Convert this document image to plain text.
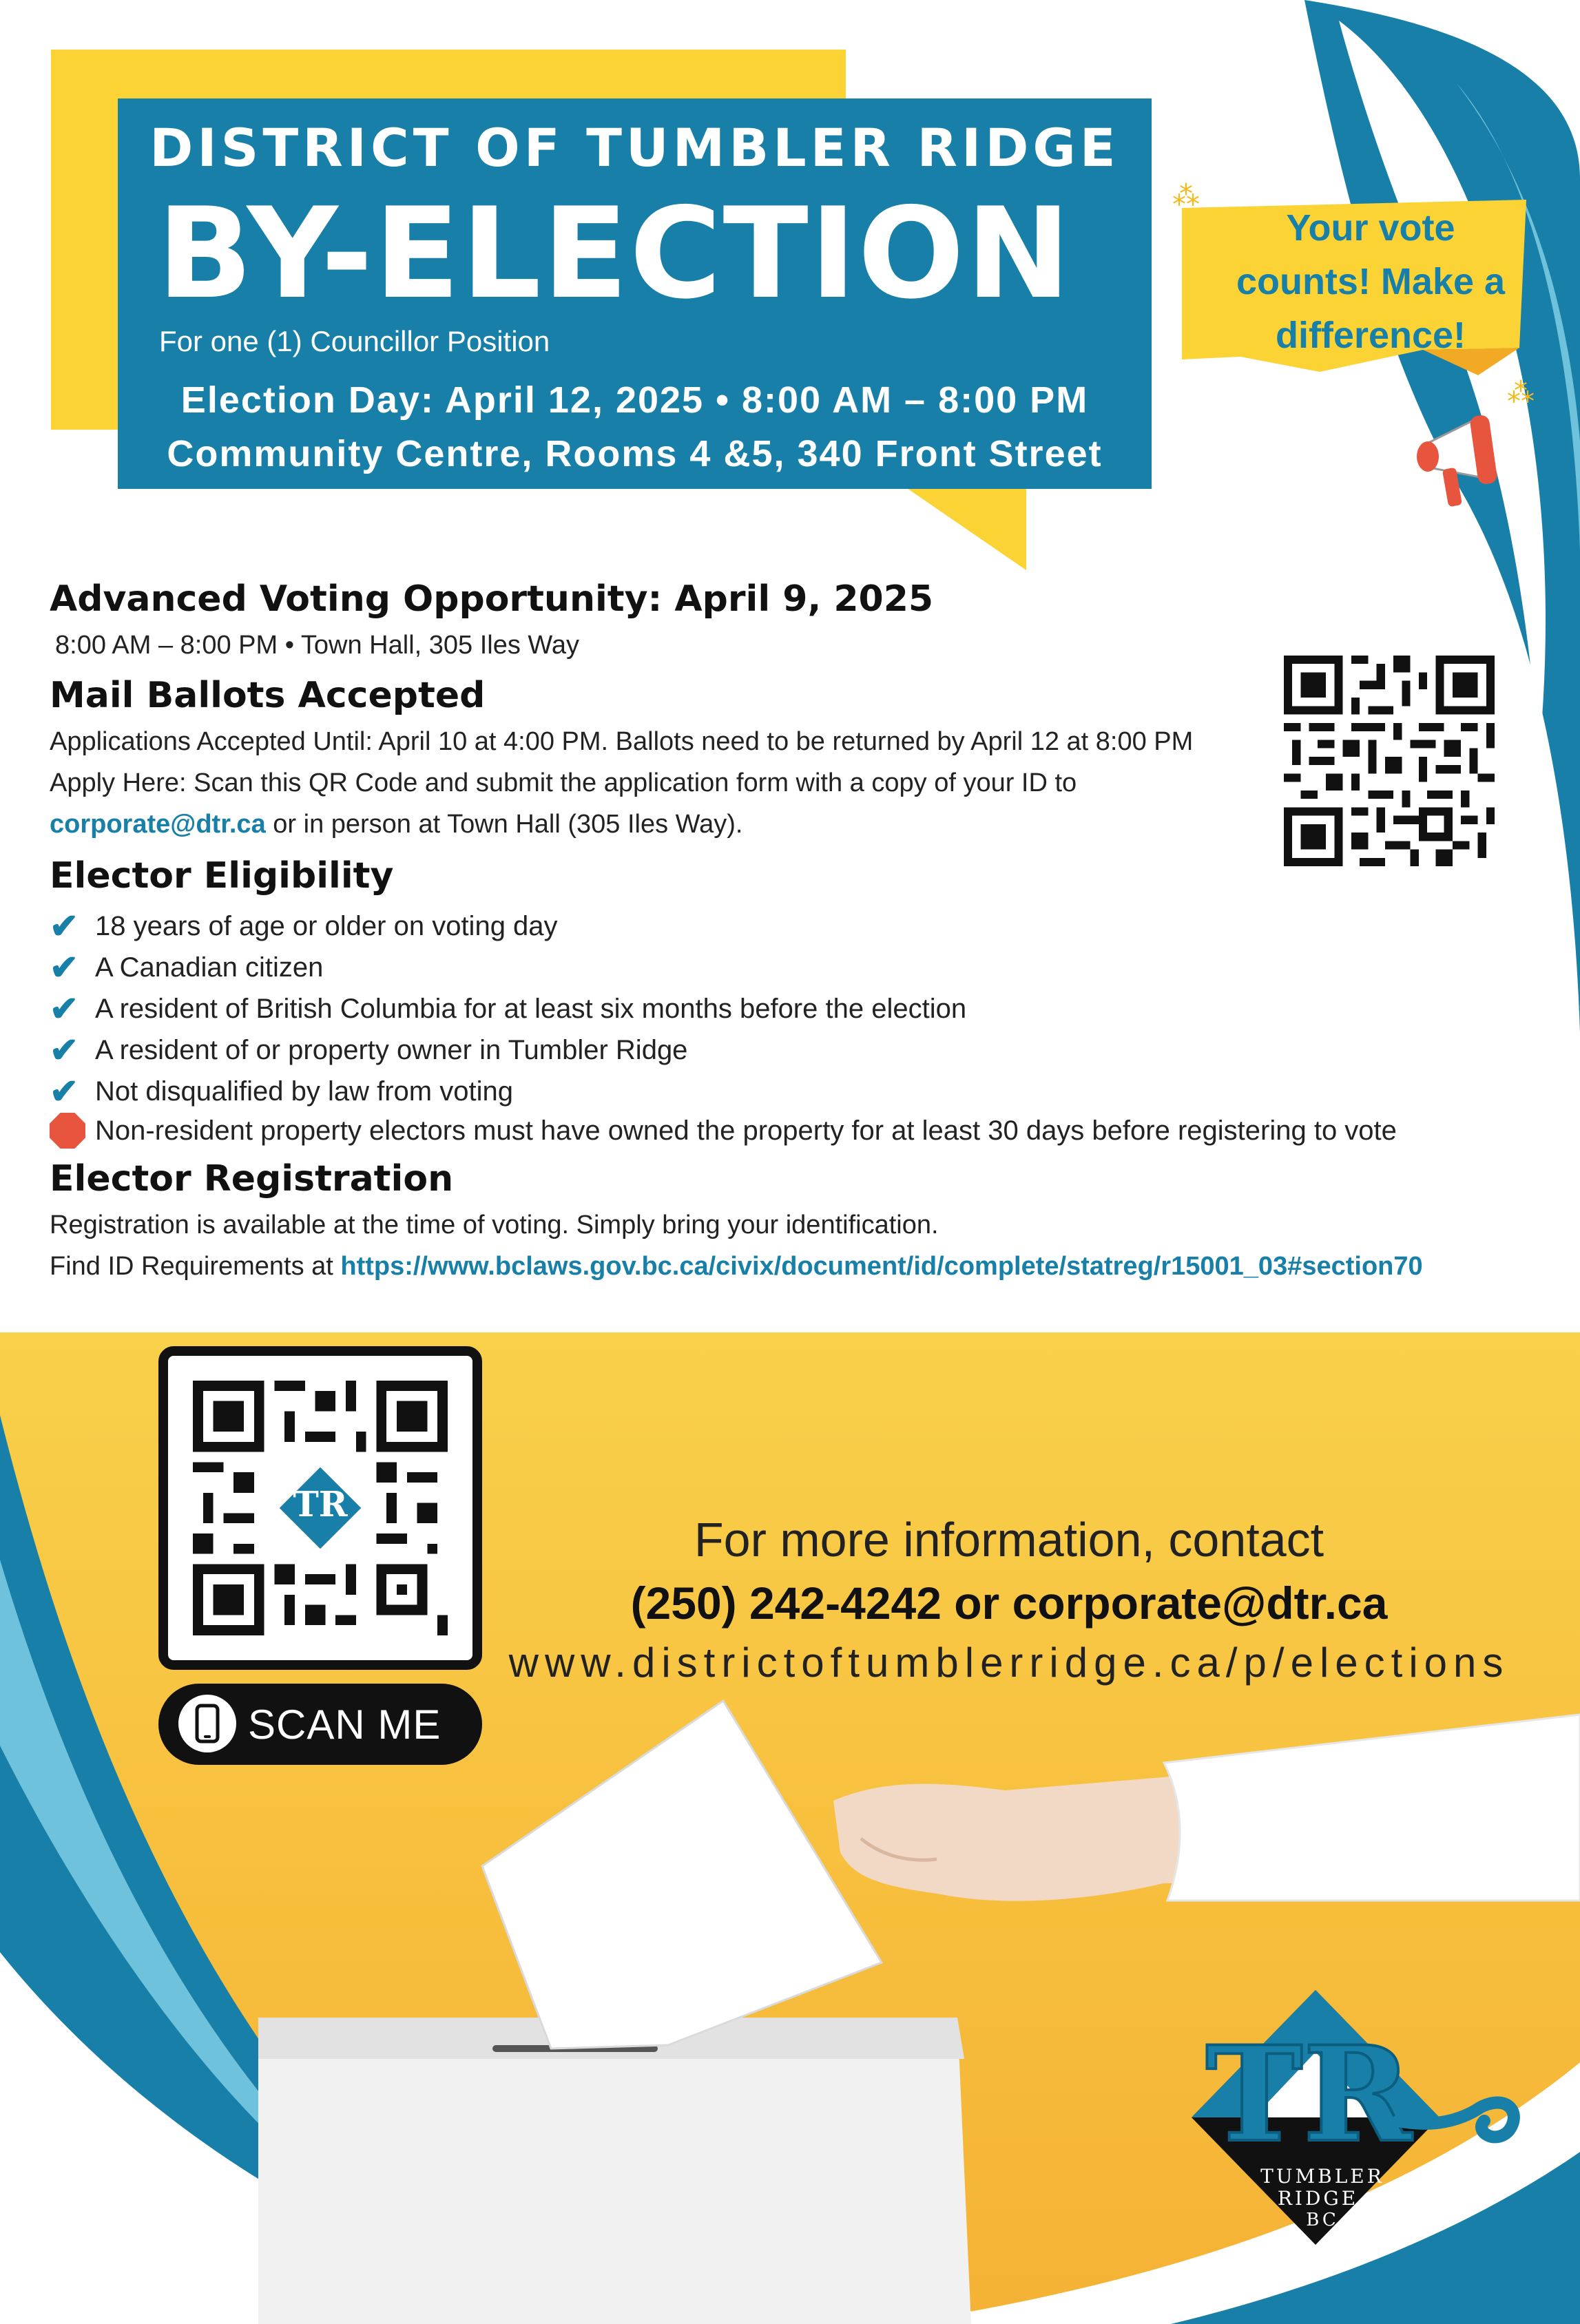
DISTRICT OF TUMBLER RIDGE
BY-ELECTION
For one (1) Councillor Position
Election Day: April 12, 2025 • 8:00 AM – 8:00 PM
Community Centre, Rooms 4 &5, 340 Front Street
Your vote
counts! Make a
difference!
⁂
⁂
Advanced Voting Opportunity: April 9, 2025
8:00 AM – 8:00 PM • Town Hall, 305 Iles Way
Mail Ballots Accepted
Applications Accepted Until: April 10 at 4:00 PM. Ballots need to be returned by April 12 at 8:00 PM
Apply Here: Scan this QR Code and submit the application form with a copy of your ID to
corporate@dtr.ca or in person at Town Hall (305 Iles Way).
Elector Eligibility
✔ 18 years of age or older on voting day
✔ A Canadian citizen
✔ A resident of British Columbia for at least six months before the election
✔ A resident of or property owner in Tumbler Ridge
✔ Not disqualified by law from voting
Non-resident property electors must have owned the property for at least 30 days before registering to vote
Elector Registration
Registration is available at the time of voting. Simply bring your identification.
Find ID Requirements at https://www.bclaws.gov.bc.ca/civix/document/id/complete/statreg/r15001_03#section70
TR
SCAN ME
For more information, contact
(250) 242-4242 or corporate@dtr.ca
www.districtoftumblerridge.ca/p/elections
TR
TUMBLER
RIDGE,
BC
